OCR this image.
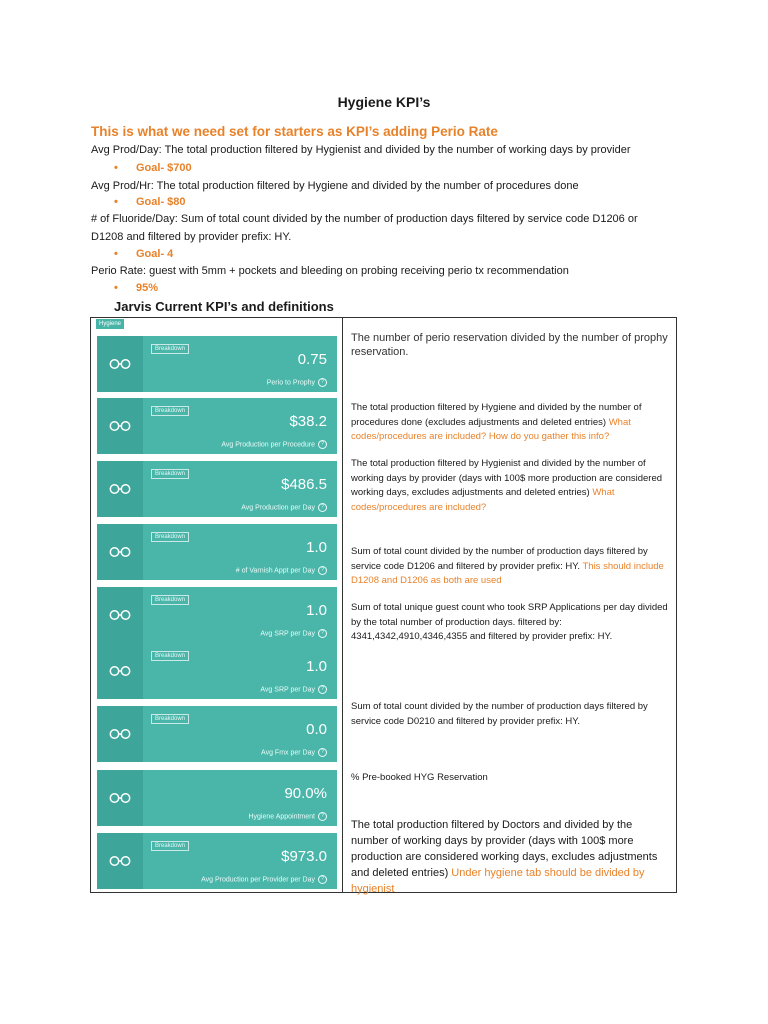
Hygiene KPI’s
This is what we need set for starters as KPI’s adding Perio Rate
Avg Prod/Day: The total production filtered by Hygienist and divided by the number of working days by provider
• Goal- $700
Avg Prod/Hr: The total production filtered by Hygiene and divided by the number of procedures done
• Goal- $80
# of Fluoride/Day: Sum of total count divided by the number of production days filtered by service code D1206 or
D1208 and filtered by provider prefix: HY.
• Goal- 4
Perio Rate: guest with 5mm + pockets and bleeding on probing receiving perio tx recommendation
• 95%
Jarvis Current KPI’s and definitions
Hygiene
Breakdown
0.75
Perio to Prophy ?
Breakdown
$38.2
Avg Production per Procedure ?
Breakdown
$486.5
Avg Production per Day ?
Breakdown
1.0
# of Varnish Appt per Day ?
Breakdown
1.0
Avg SRP per Day ?
Breakdown
1.0
Avg SRP per Day ?
Breakdown
0.0
Avg Fmx per Day ?
90.0%
Hygiene Appointment ?
Breakdown
$973.0
Avg Production per Provider per Day ?
The number of perio reservation divided by the number of prophy reservation.
The total production filtered by Hygiene and divided by the number of procedures done (excludes adjustments and deleted entries) What codes/procedures are included? How do you gather this info?
The total production filtered by Hygienist and divided by the number of working days by provider (days with 100$ more production are considered working days, excludes adjustments and deleted entries) What codes/procedures are included?
Sum of total count divided by the number of production days filtered by service code D1206 and filtered by provider prefix: HY. This should include D1208 and D1206 as both are used
Sum of total unique guest count who took SRP Applications per day divided by the total number of production days. filtered by: 4341,4342,4910,4346,4355 and filtered by provider prefix: HY.
Sum of total count divided by the number of production days filtered by service code D0210 and filtered by provider prefix: HY.
% Pre-booked HYG Reservation
The total production filtered by Doctors and divided by the number of working days by provider (days with 100$ more production are considered working days, excludes adjustments and deleted entries) Under hygiene tab should be divided by hygienist
